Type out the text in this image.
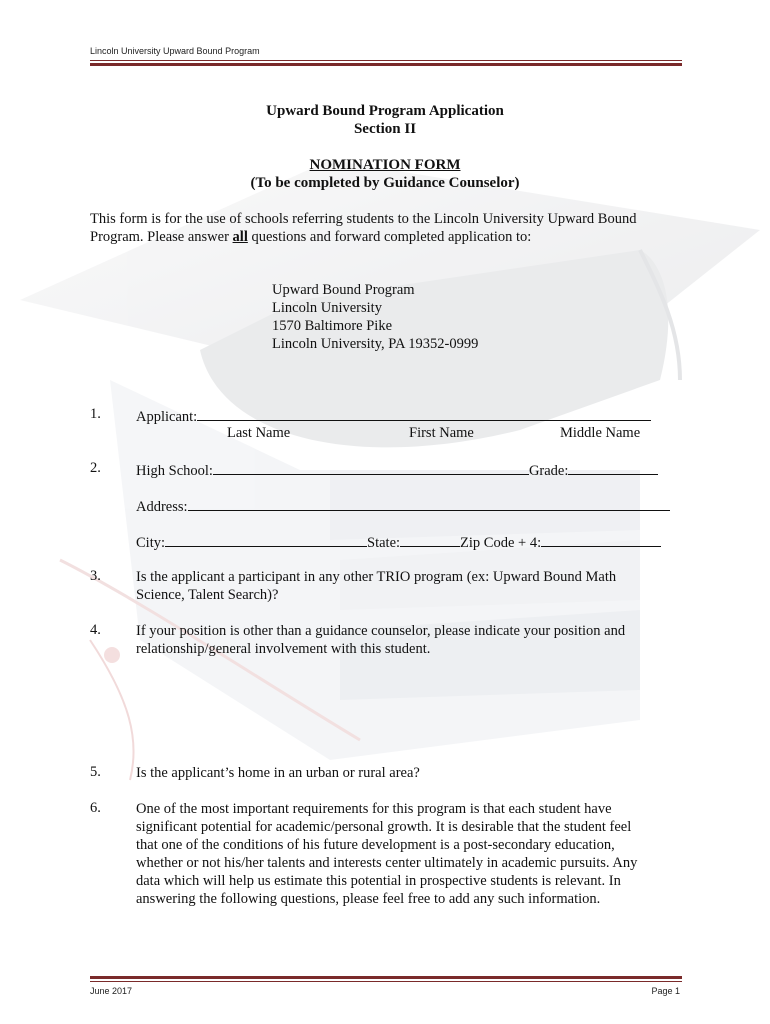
Lincoln University Upward Bound Program
Upward Bound Program Application
Section II
NOMINATION FORM
(To be completed by Guidance Counselor)
This form is for the use of schools referring students to the Lincoln University Upward Bound
Program. Please answer all questions and forward completed application to:
Upward Bound Program
Lincoln University
1570 Baltimore Pike
Lincoln University, PA 19352-0999
1. Applicant:
Last Name	First Name	Middle Name
2. High School:	Grade:
Address:
City:	State:	Zip Code + 4:
3. Is the applicant a participant in any other TRIO program (ex: Upward Bound Math
Science, Talent Search)?
4. If your position is other than a guidance counselor, please indicate your position and
relationship/general involvement with this student.
5. Is the applicant’s home in an urban or rural area?
6. One of the most important requirements for this program is that each student have
significant potential for academic/personal growth. It is desirable that the student feel
that one of the conditions of his future development is a post-secondary education,
whether or not his/her talents and interests center ultimately in academic pursuits. Any
data which will help us estimate this potential in prospective students is relevant. In
answering the following questions, please feel free to add any such information.
June 2017	Page 1
